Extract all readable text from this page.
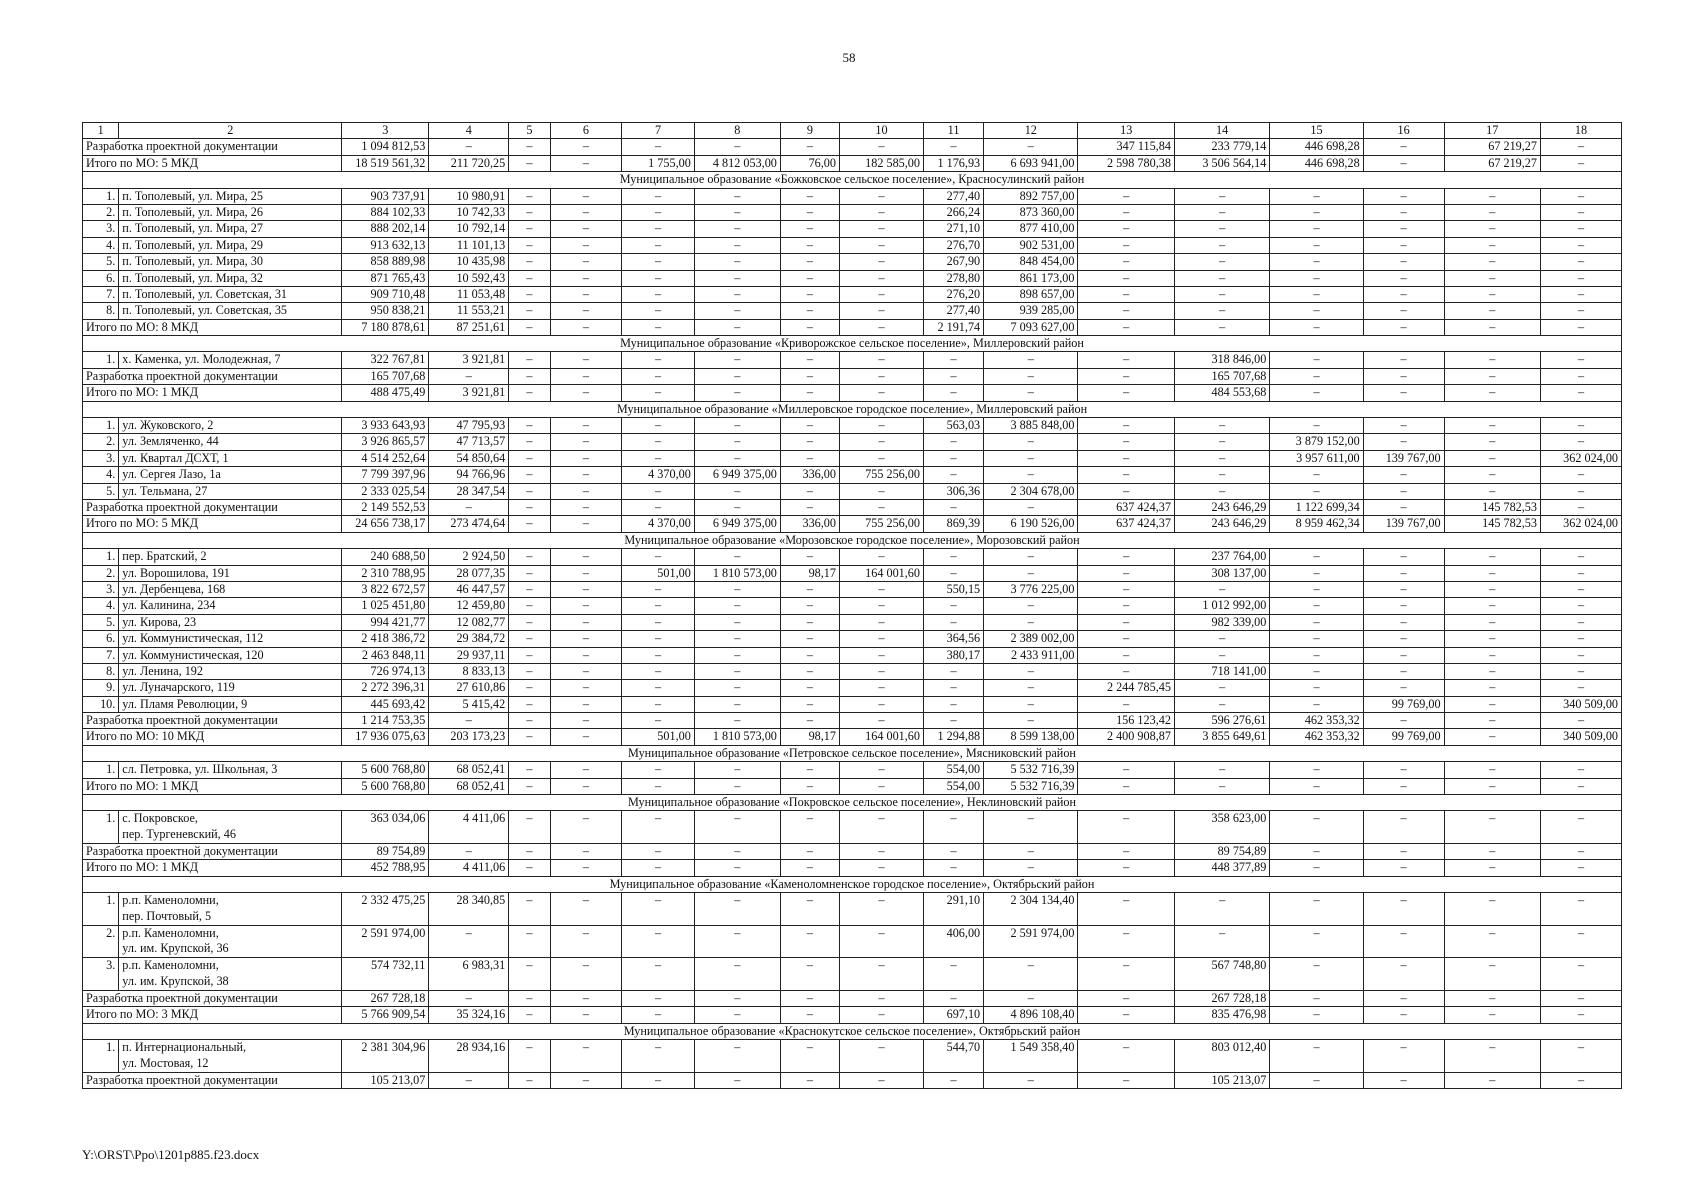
58
1	2	3	4	5	6	7	8	9	10	11	12	13	14	15	16	17	18
Разработка проектной документации		1 094 812,53	–	–	–	–	–	–	–	–	–	347 115,84	233 779,14	446 698,28	–	67 219,27	–
Итого по МО: 5 МКД		18 519 561,32	211 720,25	–	–	1 755,00	4 812 053,00	76,00	182 585,00	1 176,93	6 693 941,00	2 598 780,38	3 506 564,14	446 698,28	–	67 219,27	–
Муниципальное образование «Божковское сельское поселение», Красносулинский район																	
1.	п. Тополевый, ул. Мира, 25	903 737,91	10 980,91	–	–	–	–	–	–	277,40	892 757,00	–	–	–	–	–	–
2.	п. Тополевый, ул. Мира, 26	884 102,33	10 742,33	–	–	–	–	–	–	266,24	873 360,00	–	–	–	–	–	–
3.	п. Тополевый, ул. Мира, 27	888 202,14	10 792,14	–	–	–	–	–	–	271,10	877 410,00	–	–	–	–	–	–
4.	п. Тополевый, ул. Мира, 29	913 632,13	11 101,13	–	–	–	–	–	–	276,70	902 531,00	–	–	–	–	–	–
5.	п. Тополевый, ул. Мира, 30	858 889,98	10 435,98	–	–	–	–	–	–	267,90	848 454,00	–	–	–	–	–	–
6.	п. Тополевый, ул. Мира, 32	871 765,43	10 592,43	–	–	–	–	–	–	278,80	861 173,00	–	–	–	–	–	–
7.	п. Тополевый, ул. Советская, 31	909 710,48	11 053,48	–	–	–	–	–	–	276,20	898 657,00	–	–	–	–	–	–
8.	п. Тополевый, ул. Советская, 35	950 838,21	11 553,21	–	–	–	–	–	–	277,40	939 285,00	–	–	–	–	–	–
Итого по МО: 8 МКД		7 180 878,61	87 251,61	–	–	–	–	–	–	2 191,74	7 093 627,00	–	–	–	–	–	–
Муниципальное образование «Криворожское сельское поселение», Миллеровский район																	
1.	х. Каменка, ул. Молодежная, 7	322 767,81	3 921,81	–	–	–	–	–	–	–	–	–	318 846,00	–	–	–	–
Разработка проектной документации		165 707,68	–	–	–	–	–	–	–	–	–	–	165 707,68	–	–	–	–
Итого по МО: 1 МКД		488 475,49	3 921,81	–	–	–	–	–	–	–	–	–	484 553,68	–	–	–	–
Муниципальное образование «Миллеровское городское поселение», Миллеровский район																	
1.	ул. Жуковского, 2	3 933 643,93	47 795,93	–	–	–	–	–	–	563,03	3 885 848,00	–	–	–	–	–	–
2.	ул. Земляченко, 44	3 926 865,57	47 713,57	–	–	–	–	–	–	–	–	–	–	3 879 152,00	–	–	–
3.	ул. Квартал ДСХТ, 1	4 514 252,64	54 850,64	–	–	–	–	–	–	–	–	–	–	3 957 611,00	139 767,00	–	362 024,00
4.	ул. Сергея Лазо, 1а	7 799 397,96	94 766,96	–	–	4 370,00	6 949 375,00	336,00	755 256,00	–	–	–	–	–	–	–	–
5.	ул. Тельмана, 27	2 333 025,54	28 347,54	–	–	–	–	–	–	306,36	2 304 678,00	–	–	–	–	–	–
Разработка проектной документации		2 149 552,53	–	–	–	–	–	–	–	–	–	637 424,37	243 646,29	1 122 699,34	–	145 782,53	–
Итого по МО: 5 МКД		24 656 738,17	273 474,64	–	–	4 370,00	6 949 375,00	336,00	755 256,00	869,39	6 190 526,00	637 424,37	243 646,29	8 959 462,34	139 767,00	145 782,53	362 024,00
Муниципальное образование «Морозовское городское поселение», Морозовский район																	
1.	пер. Братский, 2	240 688,50	2 924,50	–	–	–	–	–	–	–	–	–	237 764,00	–	–	–	–
2.	ул. Ворошилова, 191	2 310 788,95	28 077,35	–	–	501,00	1 810 573,00	98,17	164 001,60	–	–	–	308 137,00	–	–	–	–
3.	ул. Дербенцева, 168	3 822 672,57	46 447,57	–	–	–	–	–	–	550,15	3 776 225,00	–	–	–	–	–	–
4.	ул. Калинина, 234	1 025 451,80	12 459,80	–	–	–	–	–	–	–	–	–	1 012 992,00	–	–	–	–
5.	ул. Кирова, 23	994 421,77	12 082,77	–	–	–	–	–	–	–	–	–	982 339,00	–	–	–	–
6.	ул. Коммунистическая, 112	2 418 386,72	29 384,72	–	–	–	–	–	–	364,56	2 389 002,00	–	–	–	–	–	–
7.	ул. Коммунистическая, 120	2 463 848,11	29 937,11	–	–	–	–	–	–	380,17	2 433 911,00	–	–	–	–	–	–
8.	ул. Ленина, 192	726 974,13	8 833,13	–	–	–	–	–	–	–	–	–	718 141,00	–	–	–	–
9.	ул. Луначарского, 119	2 272 396,31	27 610,86	–	–	–	–	–	–	–	–	2 244 785,45	–	–	–	–	–
10.	ул. Пламя Революции, 9	445 693,42	5 415,42	–	–	–	–	–	–	–	–	–	–	–	99 769,00	–	340 509,00
Разработка проектной документации		1 214 753,35	–	–	–	–	–	–	–	–	–	156 123,42	596 276,61	462 353,32	–	–	–
Итого по МО: 10 МКД		17 936 075,63	203 173,23	–	–	501,00	1 810 573,00	98,17	164 001,60	1 294,88	8 599 138,00	2 400 908,87	3 855 649,61	462 353,32	99 769,00	–	340 509,00
Муниципальное образование «Петровское сельское поселение», Мясниковский район																	
1.	сл. Петровка, ул. Школьная, 3	5 600 768,80	68 052,41	–	–	–	–	–	–	554,00	5 532 716,39	–	–	–	–	–	–
Итого по МО: 1 МКД		5 600 768,80	68 052,41	–	–	–	–	–	–	554,00	5 532 716,39	–	–	–	–	–	–
Муниципальное образование «Покровское сельское поселение», Неклиновский район																	
1.	с. Покровское,
пер. Тургеневский, 46	363 034,06	4 411,06	–	–	–	–	–	–	–	–	–	358 623,00	–	–	–	–
Разработка проектной документации		89 754,89	–	–	–	–	–	–	–	–	–	–	89 754,89	–	–	–	–
Итого по МО: 1 МКД		452 788,95	4 411,06	–	–	–	–	–	–	–	–	–	448 377,89	–	–	–	–
Муниципальное образование «Каменоломненское городское поселение», Октябрьский район																	
1.	р.п. Каменоломни,
пер. Почтовый, 5	2 332 475,25	28 340,85	–	–	–	–	–	–	291,10	2 304 134,40	–	–	–	–	–	–
2.	р.п. Каменоломни,
ул. им. Крупской, 36	2 591 974,00	–	–	–	–	–	–	–	406,00	2 591 974,00	–	–	–	–	–	–
3.	р.п. Каменоломни,
ул. им. Крупской, 38	574 732,11	6 983,31	–	–	–	–	–	–	–	–	–	567 748,80	–	–	–	–
Разработка проектной документации		267 728,18	–	–	–	–	–	–	–	–	–	–	267 728,18	–	–	–	–
Итого по МО: 3 МКД		5 766 909,54	35 324,16	–	–	–	–	–	–	697,10	4 896 108,40	–	835 476,98	–	–	–	–
Муниципальное образование «Краснокутское сельское поселение», Октябрьский район																	
1.	п. Интернациональный,
ул. Мостовая, 12	2 381 304,96	28 934,16	–	–	–	–	–	–	544,70	1 549 358,40	–	803 012,40	–	–	–	–
Разработка проектной документации		105 213,07	–	–	–	–	–	–	–	–	–	–	105 213,07	–	–	–	–
Y:\ORST\Ppo\1201p885.f23.docx
